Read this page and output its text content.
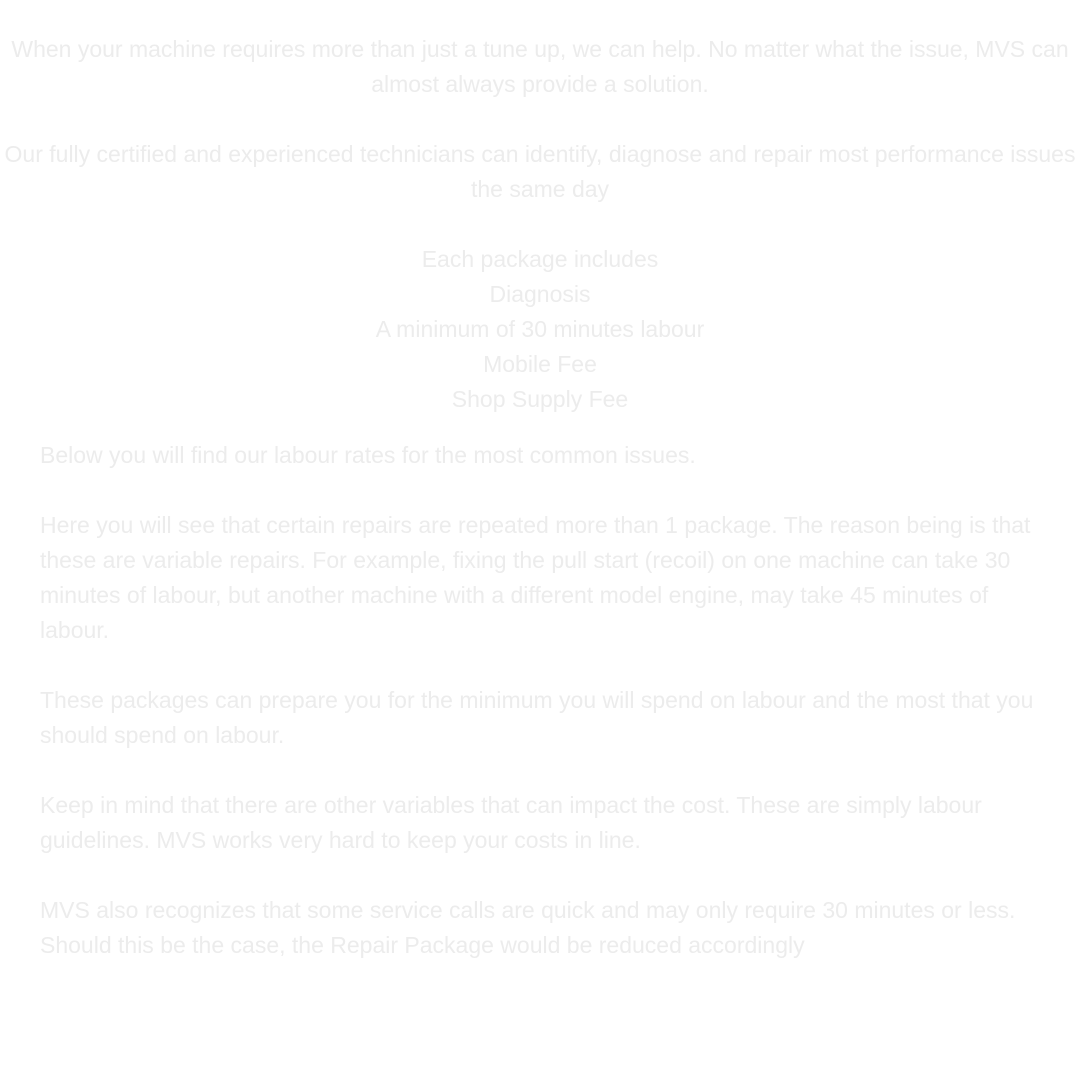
When your machine requires more than just a tune up, we can help. No matter what the issue, MVS can almost always provide a solution.

Our fully certified and experienced technicians can identify, diagnose and repair most performance issues the same day

Each package includes

Diagnosis
A minimum of 30 minutes labour
Mobile Fee
Shop Supply Fee

Below you will find our labour rates for the most common issues.

Here you will see that certain repairs are repeated more than 1 package. The reason being is that these are variable repairs. For example, fixing the pull start (recoil) on one machine can take 30 minutes of labour, but another machine with a different model engine, may take 45 minutes of labour.

These packages can prepare you for the minimum you will spend on labour and the most that you should spend on labour.

Keep in mind that there are other variables that can impact the cost. These are simply labour guidelines. MVS works very hard to keep your costs in line.

MVS also recognizes that some service calls are quick and may only require 30 minutes or less. Should this be the case, the Repair Package would be reduced accordingly
